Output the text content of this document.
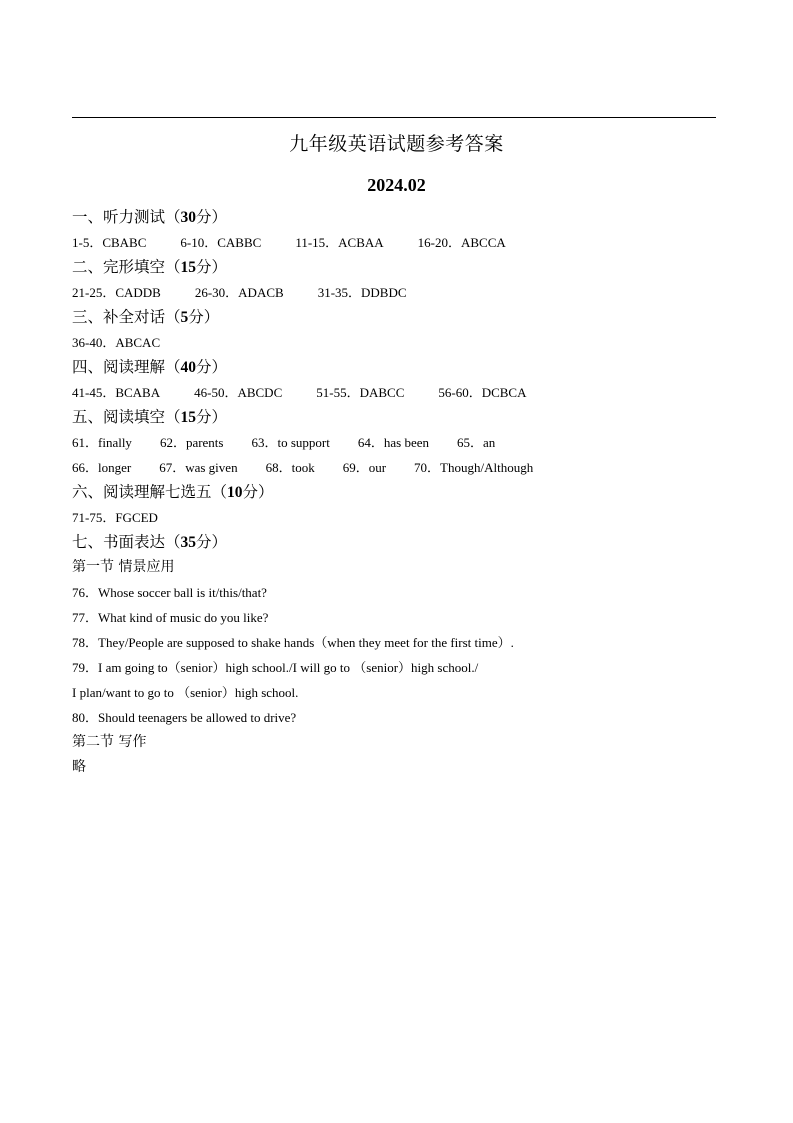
九年级英语试题参考答案
2024.02
一、听力测试（30分）
1-5．CBABC	6-10．CABBC	11-15．ACBAA	16-20．ABCCA
二、完形填空（15分）
21-25．CADDB	26-30．ADACB	31-35．DDBDC
三、补全对话（5分）
36-40．ABCAC
四、阅读理解（40分）
41-45．BCABA	46-50．ABCDC	51-55．DABCC	56-60．DCBCA
五、阅读填空（15分）
61．finally 62．parents 63．to support 64．has been 65．an
66．longer 67．was given 68．took 69．our 70．Though/Although
六、阅读理解七选五（10分）
71-75．FGCED
七、书面表达（35分）
第一节 情景应用
76．Whose soccer ball is it/this/that?
77．What kind of music do you like?
78．They/People are supposed to shake hands（when they meet for the first time）.
79．I am going to（senior）high school./I will go to （senior）high school./
I plan/want to go to （senior）high school.
80．Should teenagers be allowed to drive?
第二节 写作
略
